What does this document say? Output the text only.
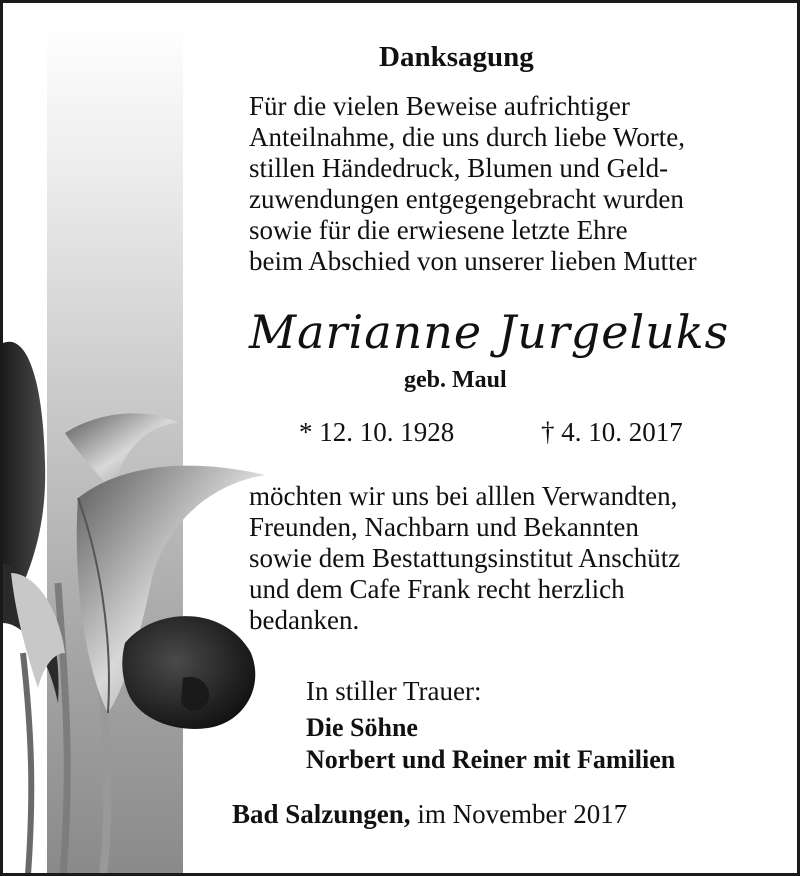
Danksagung

Für die vielen Beweise aufrichtiger
Anteilnahme, die uns durch liebe Worte,
stillen Händedruck, Blumen und Geld-
zuwendungen entgegengebracht wurden
sowie für die erwiesene letzte Ehre
beim Abschied von unserer lieben Mutter

Marianne Jurgeluks

geb. Maul

* 12. 10. 1928	† 4. 10. 2017

möchten wir uns bei alllen Verwandten,
Freunden, Nachbarn und Bekannten
sowie dem Bestattungsinstitut Anschütz
und dem Cafe Frank recht herzlich
bedanken.

In stiller Trauer:

Die Söhne

Norbert und Reiner mit Familien

Bad Salzungen, im November 2017
